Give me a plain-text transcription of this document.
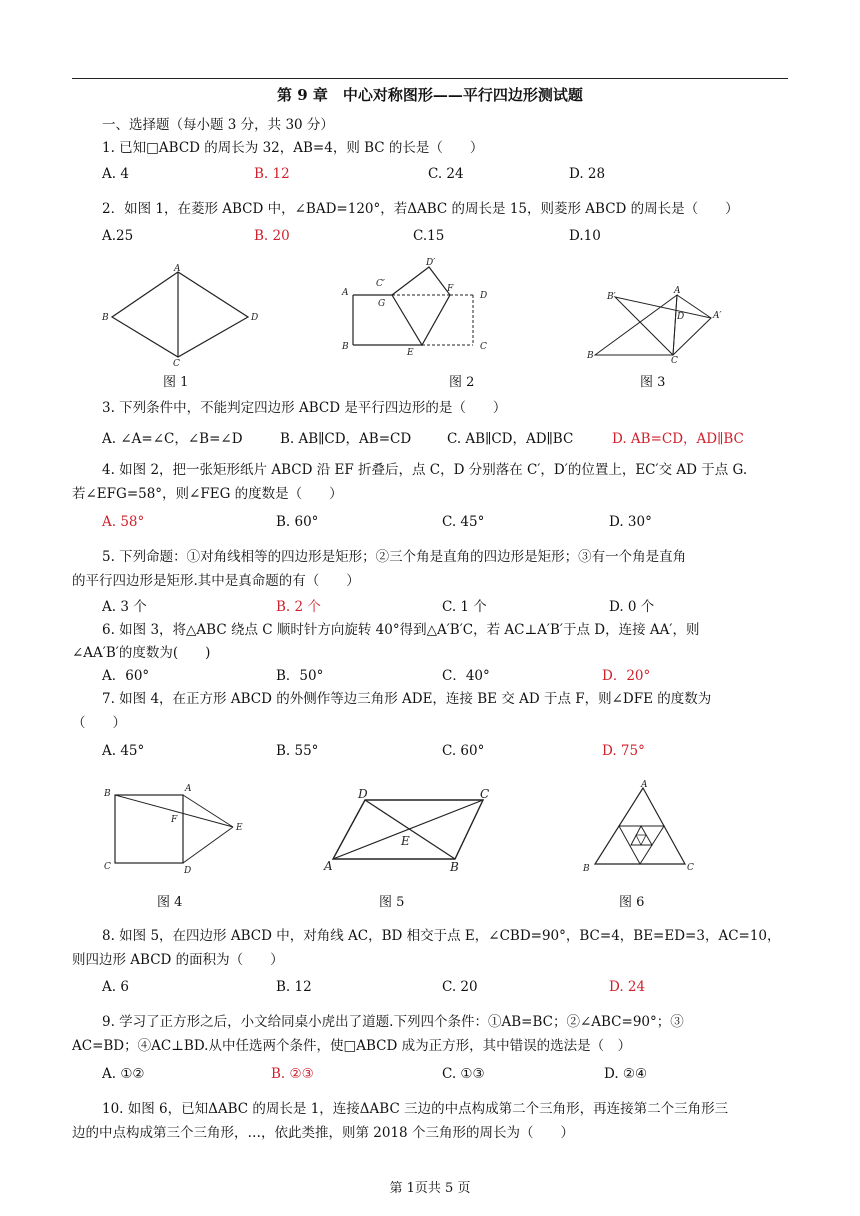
第 9 章　中心对称图形——平行四边形测试题
一、选择题（每小题 3 分，共 30 分）
1. 已知□ABCD 的周长为 32，AB=4，则 BC 的长是（　　）
A. 4	B. 12	C. 24	D. 28
2．如图 1，在菱形 ABCD 中，∠BAD=120°，若ΔABC 的周长是 15，则菱形 ABCD 的周长是（　　）
A.25	B. 20	C.15	D.10
A
B
C
D
图 1
A
B	C
D
C′
D′
G
F
E
图 2
B′
A
D	A′
B	C
图 3
3. 下列条件中，不能判定四边形 ABCD 是平行四边形的是（　　）
A. ∠A=∠C，∠B=∠D	B. AB∥CD，AB=CD	C. AB∥CD，AD∥BC	D. AB=CD，AD∥BC
4. 如图 2，把一张矩形纸片 ABCD 沿 EF 折叠后，点 C，D 分别落在 C′，D′的位置上，EC′交 AD 于点 G.
若∠EFG=58°，则∠FEG 的度数是（　　）
A. 58°	B. 60°	C. 45°	D. 30°
5. 下列命题：①对角线相等的四边形是矩形；②三个角是直角的四边形是矩形；③有一个角是直角
的平行四边形是矩形.其中是真命题的有（　　）
A. 3 个	B. 2 个	C. 1 个	D. 0 个
6. 如图 3，将△ABC 绕点 C 顺时针方向旋转 40°得到△A′B′C，若 AC⊥A′B′于点 D，连接 AA′，则
∠AA′B′的度数为(　　)
A．60°	B．50°	C．40°	D．20°
7. 如图 4，在正方形 ABCD 的外侧作等边三角形 ADE，连接 BE 交 AD 于点 F，则∠DFE 的度数为
（　　）
A. 45°	B. 55°	C. 60°	D. 75°
B	A
F
E
C	D
图 4
D	C
E
A	B
图 5
A
B	C
图 6
8. 如图 5，在四边形 ABCD 中，对角线 AC，BD 相交于点 E，∠CBD=90°，BC=4，BE=ED=3，AC=10，
则四边形 ABCD 的面积为（　　）
A. 6	B. 12	C. 20	D. 24
9. 学习了正方形之后，小文给同桌小虎出了道题.下列四个条件：①AB=BC；②∠ABC=90°；③
AC=BD；④AC⊥BD.从中任选两个条件，使□ABCD 成为正方形，其中错误的选法是（　）
A. ①②	B. ②③	C. ①③	D. ②④
10. 如图 6，已知ΔABC 的周长是 1，连接ΔABC 三边的中点构成第二个三角形，再连接第二个三角形三
边的中点构成第三个三角形，…，依此类推，则第 2018 个三角形的周长为（　　）
第 1页共 5 页
